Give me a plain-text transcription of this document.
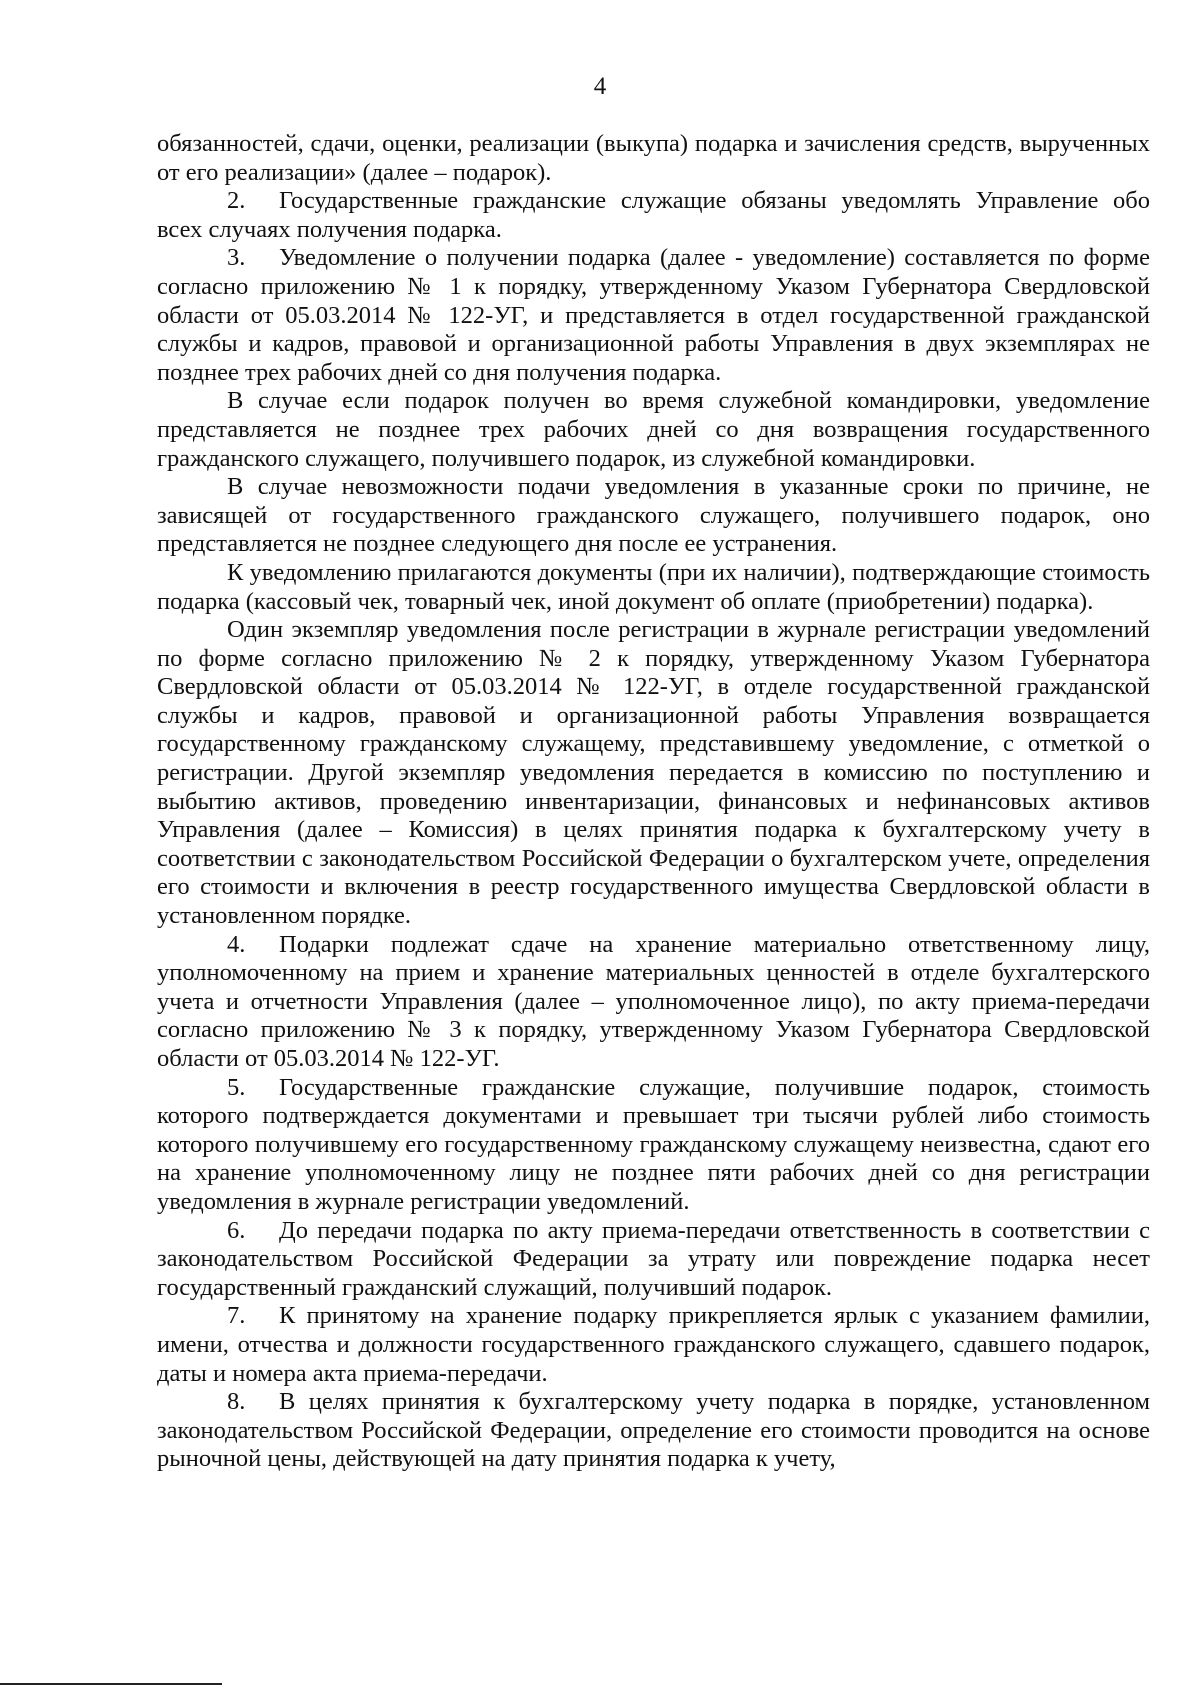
4

обязанностей, сдачи, оценки, реализации (выкупа) подарка и зачисления средств, вырученных от его реализации» (далее – подарок).

2. Государственные гражданские служащие обязаны уведомлять Управление обо всех случаях получения подарка.

3. Уведомление о получении подарка (далее - уведомление) составляется по форме согласно приложению № 1 к порядку, утвержденному Указом Губернатора Свердловской области от 05.03.2014 № 122-УГ, и представляется в отдел государственной гражданской службы и кадров, правовой и организационной работы Управления в двух экземплярах не позднее трех рабочих дней со дня получения подарка.

В случае если подарок получен во время служебной командировки, уведомление представляется не позднее трех рабочих дней со дня возвращения государственного гражданского служащего, получившего подарок, из служебной командировки.

В случае невозможности подачи уведомления в указанные сроки по причине, не зависящей от государственного гражданского служащего, получившего подарок, оно представляется не позднее следующего дня после ее устранения.

К уведомлению прилагаются документы (при их наличии), подтверждающие стоимость подарка (кассовый чек, товарный чек, иной документ об оплате (приобретении) подарка).

Один экземпляр уведомления после регистрации в журнале регистрации уведомлений по форме согласно приложению № 2 к порядку, утвержденному Указом Губернатора Свердловской области от 05.03.2014 № 122-УГ, в отделе государственной гражданской службы и кадров, правовой и организационной работы Управления возвращается государственному гражданскому служащему, представившему уведомление, с отметкой о регистрации. Другой экземпляр уведомления передается в комиссию по поступлению и выбытию активов, проведению инвентаризации, финансовых и нефинансовых активов Управления (далее – Комиссия) в целях принятия подарка к бухгалтерскому учету в соответствии с законодательством Российской Федерации о бухгалтерском учете, определения его стоимости и включения в реестр государственного имущества Свердловской области в установленном порядке.

4. Подарки подлежат сдаче на хранение материально ответственному лицу, уполномоченному на прием и хранение материальных ценностей в отделе бухгалтерского учета и отчетности Управления (далее – уполномоченное лицо), по акту приема-передачи согласно приложению № 3 к порядку, утвержденному Указом Губернатора Свердловской области от 05.03.2014 № 122-УГ.

5. Государственные гражданские служащие, получившие подарок, стоимость которого подтверждается документами и превышает три тысячи рублей либо стоимость которого получившему его государственному гражданскому служащему неизвестна, сдают его на хранение уполномоченному лицу не позднее пяти рабочих дней со дня регистрации уведомления в журнале регистрации уведомлений.

6. До передачи подарка по акту приема-передачи ответственность в соответствии с законодательством Российской Федерации за утрату или повреждение подарка несет государственный гражданский служащий, получивший подарок.

7. К принятому на хранение подарку прикрепляется ярлык с указанием фамилии, имени, отчества и должности государственного гражданского служащего, сдавшего подарок, даты и номера акта приема-передачи.

8. В целях принятия к бухгалтерскому учету подарка в порядке, установленном законодательством Российской Федерации, определение его стоимости проводится на основе рыночной цены, действующей на дату принятия подарка к учету,
